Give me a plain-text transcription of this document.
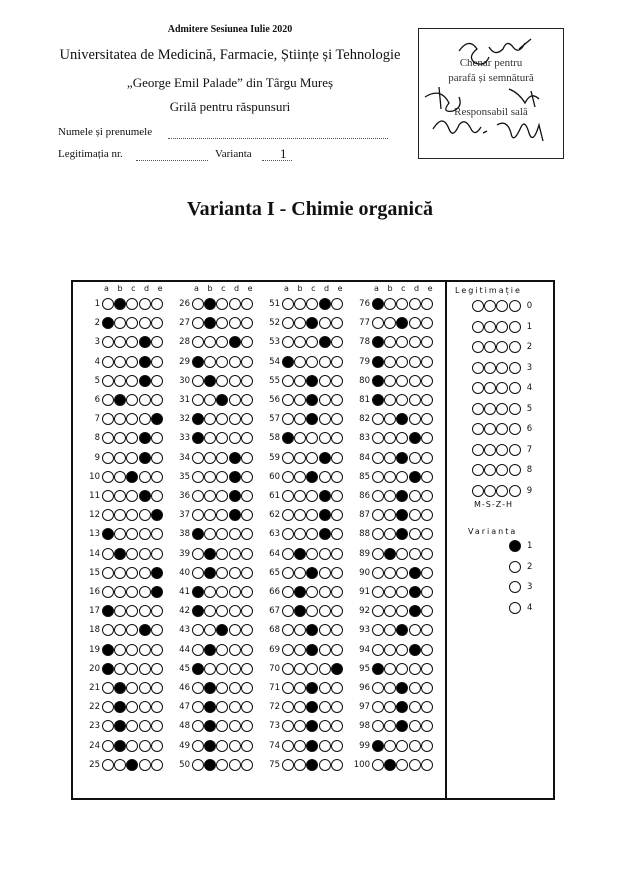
Admitere Sesiunea Iulie 2020
Universitatea de Medicină, Farmacie, Științe și Tehnologie
„George Emil Palade” din Târgu Mureș
Grilă pentru răspunsuri
Numele și prenumele
Legitimația nr.	Varianta 1
Chenar pentru
parafă și semnătură
Responsabil sală
Varianta I - Chimie organică
a b c d e
1
2
3
4
5
6
7
8
9
10
11
12
13
14
15
16
17
18
19
20
21
22
23
24
25
a b c d e
26
27
28
29
30
31
32
33
34
35
36
37
38
39
40
41
42
43
44
45
46
47
48
49
50
a b c d e
51
52
53
54
55
56
57
58
59
60
61
62
63
64
65
66
67
68
69
70
71
72
73
74
75
a b c d e
76
77
78
79
80
81
82
83
84
85
86
87
88
89
90
91
92
93
94
95
96
97
98
99
100
Legitimație
0
1
2
3
4
5
6
7
8
9
M-S-Z-H
Varianta
1
2
3
4
